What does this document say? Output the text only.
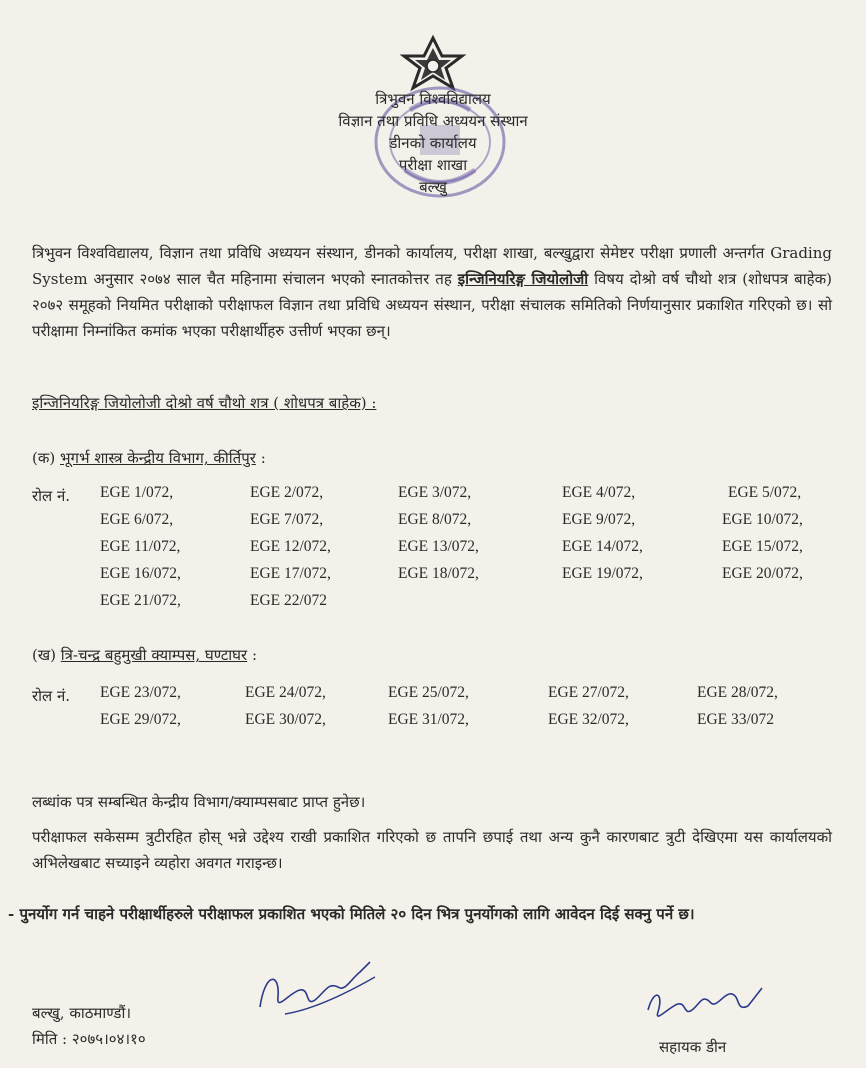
त्रिभुवन विश्वविद्यालय
विज्ञान तथा प्रविधि अध्ययन संस्थान
डीनको कार्यालय
परीक्षा शाखा
बल्खु
त्रिभुवन विश्वविद्यालय, विज्ञान तथा प्रविधि अध्ययन संस्थान, डीनको कार्यालय, परीक्षा शाखा, बल्खुद्वारा सेमेष्टर परीक्षा प्रणाली अन्तर्गत Grading System अनुसार २०७४ साल चैत महिनामा संचालन भएको स्नातकोत्तर तह इन्जिनियरिङ्ग जियोलोजी विषय दोश्रो वर्ष चौथो शत्र (शोधपत्र बाहेक) २०७२ समूहको नियमित परीक्षाको परीक्षाफल विज्ञान तथा प्रविधि अध्ययन संस्थान, परीक्षा संचालक समितिको निर्णयानुसार प्रकाशित गरिएको छ। सो परीक्षामा निम्नांकित कमांक भएका परीक्षार्थीहरु उत्तीर्ण भएका छन्।
इन्जिनियरिङ्ग जियोलोजी दोश्रो वर्ष चौथो शत्र ( शोधपत्र बाहेक) :
(क) भूगर्भ शास्त्र केन्द्रीय विभाग, कीर्तिपुर :
रोल नं. EGE 1/072,	EGE 2/072,	EGE 3/072,	EGE 4/072,	EGE 5/072,
EGE 6/072,	EGE 7/072,	EGE 8/072,	EGE 9/072,	EGE 10/072,
EGE 11/072,	EGE 12/072,	EGE 13/072,	EGE 14/072,	EGE 15/072,
EGE 16/072,	EGE 17/072,	EGE 18/072,	EGE 19/072,	EGE 20/072,
EGE 21/072,	EGE 22/072
(ख) त्रि-चन्द्र बहुमुखी क्याम्पस, घण्टाघर :
रोल नं. EGE 23/072,	EGE 24/072,	EGE 25/072,	EGE 27/072,	EGE 28/072,
EGE 29/072,	EGE 30/072,	EGE 31/072,	EGE 32/072,	EGE 33/072
लब्धांक पत्र सम्बन्धित केन्द्रीय विभाग/क्याम्पसबाट प्राप्त हुनेछ।
परीक्षाफल सकेसम्म त्रुटीरहित होस् भन्ने उद्देश्य राखी प्रकाशित गरिएको छ तापनि छपाई तथा अन्य कुनै कारणबाट त्रुटी देखिएमा यस कार्यालयको अभिलेखबाट सच्याइने व्यहोरा अवगत गराइन्छ।
- पुनर्योग गर्न चाहने परीक्षार्थीहरुले परीक्षाफल प्रकाशित भएको मितिले २० दिन भित्र पुनर्योगको लागि आवेदन दिई सक्नु पर्ने छ।
बल्खु, काठमाण्डौं।
मिति : २०७५।०४।१०	सहायक डीन
